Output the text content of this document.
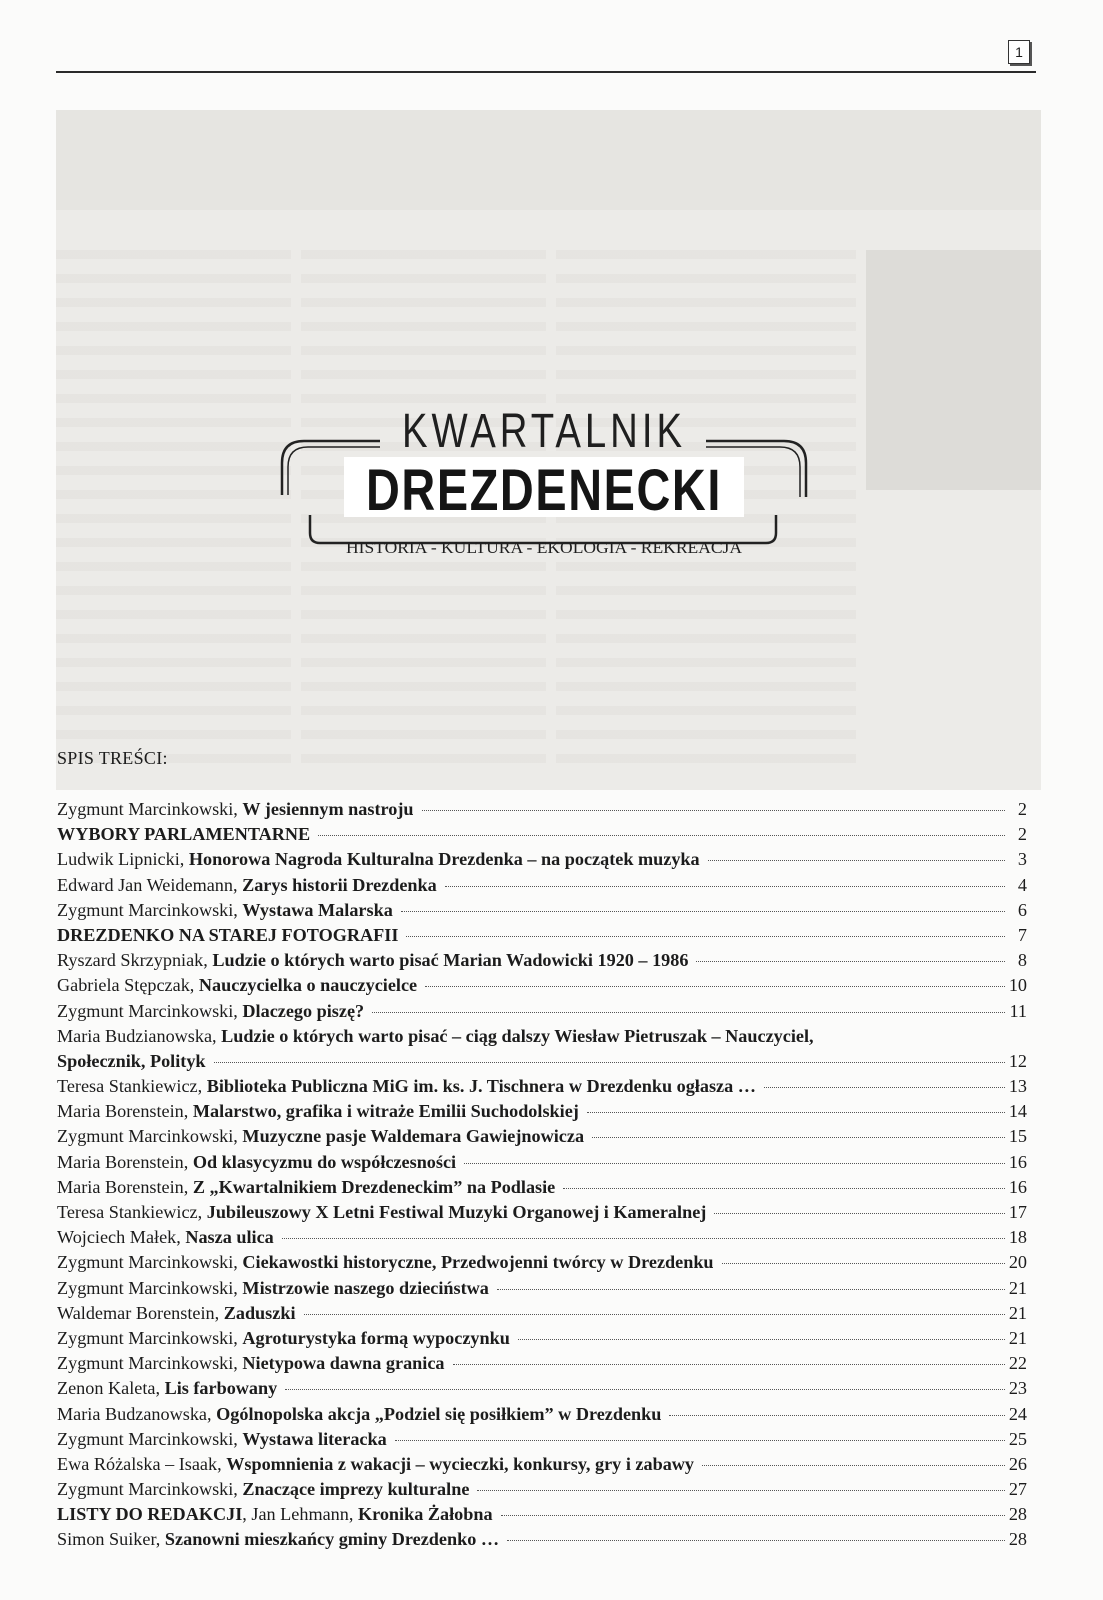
1
KWARTALNIK
DREZDENECKI
HISTORIA - KULTURA - EKOLOGIA - REKREACJA
SPIS TREŚCI:
Zygmunt Marcinkowski, W jesiennym nastroju	2
WYBORY PARLAMENTARNE	2
Ludwik Lipnicki, Honorowa Nagroda Kulturalna Drezdenka – na początek muzyka	3
Edward Jan Weidemann, Zarys historii Drezdenka	4
Zygmunt Marcinkowski, Wystawa Malarska	6
DREZDENKO NA STAREJ FOTOGRAFII	7
Ryszard Skrzypniak, Ludzie o których warto pisać Marian Wadowicki 1920 – 1986	8
Gabriela Stępczak, Nauczycielka o nauczycielce	10
Zygmunt Marcinkowski, Dlaczego piszę?	11
Maria Budzianowska, Ludzie o których warto pisać – ciąg dalszy Wiesław Pietruszak – Nauczyciel,
Społecznik, Polityk	12
Teresa Stankiewicz, Biblioteka Publiczna MiG im. ks. J. Tischnera w Drezdenku ogłasza …	13
Maria Borenstein, Malarstwo, grafika i witraże Emilii Suchodolskiej	14
Zygmunt Marcinkowski, Muzyczne pasje Waldemara Gawiejnowicza	15
Maria Borenstein, Od klasycyzmu do współczesności	16
Maria Borenstein, Z „Kwartalnikiem Drezdeneckim” na Podlasie	16
Teresa Stankiewicz, Jubileuszowy X Letni Festiwal Muzyki Organowej i Kameralnej	17
Wojciech Małek, Nasza ulica	18
Zygmunt Marcinkowski, Ciekawostki historyczne, Przedwojenni twórcy w Drezdenku	20
Zygmunt Marcinkowski, Mistrzowie naszego dzieciństwa	21
Waldemar Borenstein, Zaduszki	21
Zygmunt Marcinkowski, Agroturystyka formą wypoczynku	21
Zygmunt Marcinkowski, Nietypowa dawna granica	22
Zenon Kaleta, Lis farbowany	23
Maria Budzanowska, Ogólnopolska akcja „Podziel się posiłkiem” w Drezdenku	24
Zygmunt Marcinkowski, Wystawa literacka	25
Ewa Różalska – Isaak, Wspomnienia z wakacji – wycieczki, konkursy, gry i zabawy	26
Zygmunt Marcinkowski, Znaczące imprezy kulturalne	27
LISTY DO REDAKCJI, Jan Lehmann, Kronika Żałobna	28
Simon Suiker, Szanowni mieszkańcy gminy Drezdenko …	28
